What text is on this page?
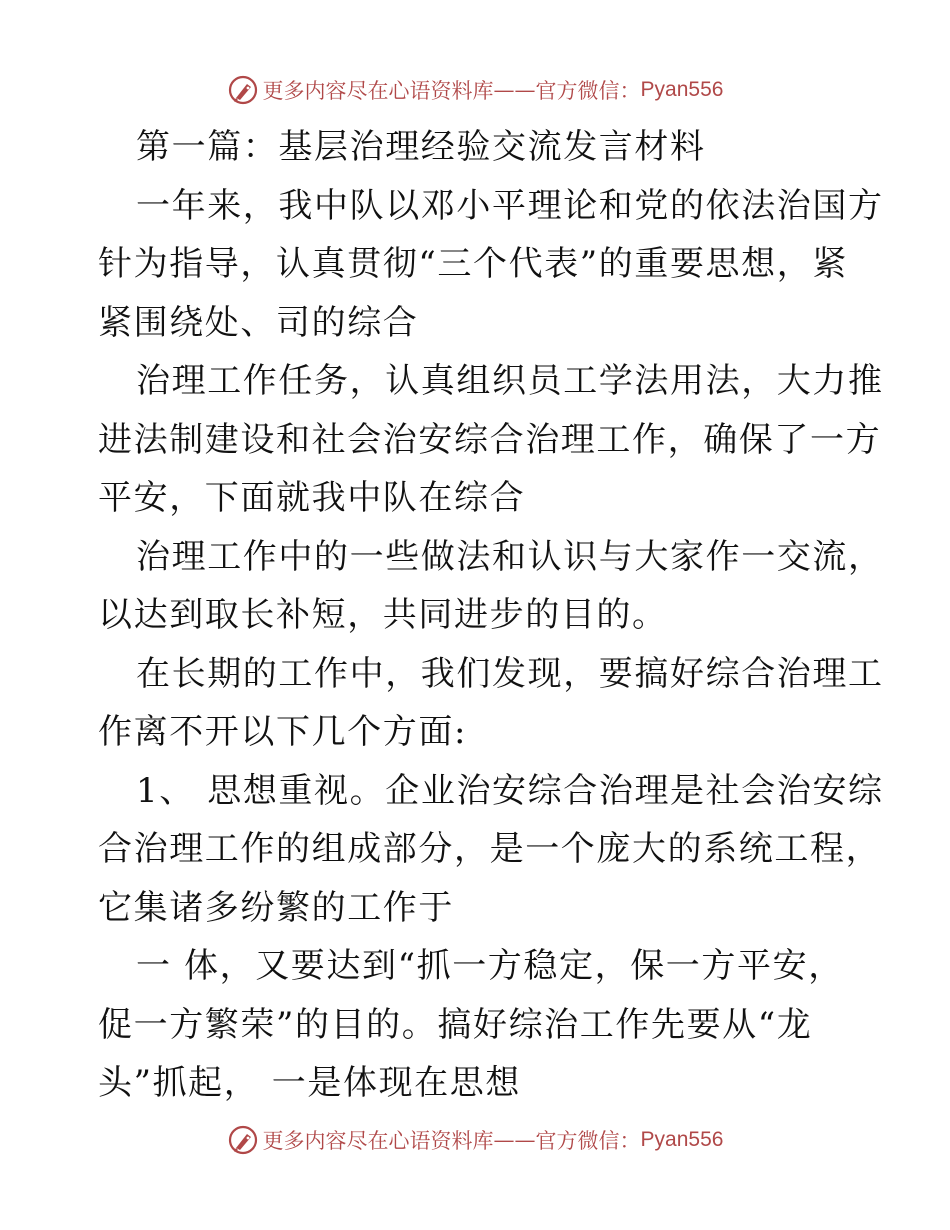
更多内容尽在心语资料库 —— 官方微信： Pyan556

第一篇：基层治理经验交流发言材料

一年来，我中队以邓小平理论和党的依法治国方

针为指导，认真贯彻“三个代表”的重要思想，紧

紧围绕处、司的综合

治理工作任务，认真组织员工学法用法，大力推

进法制建设和社会治安综合治理工作，确保了一方

平安，下面就我中队在综合

治理工作中的一些做法和认识与大家作一交流，

以达到取长补短，共同进步的目的。

在长期的工作中，我们发现，要搞好综合治理工

作离不开以下几个方面:

1、 思想重视。企业治安综合治理是社会治安综

合治理工作的组成部分，是一个庞大的系统工程，

它集诸多纷繁的工作于

一 体，又要达到“抓一方稳定，保一方平安，

促一方繁荣”的目的。搞好综治工作先要从“龙

头”抓起， 一是体现在思想

更多内容尽在心语资料库 —— 官方微信： Pyan556
